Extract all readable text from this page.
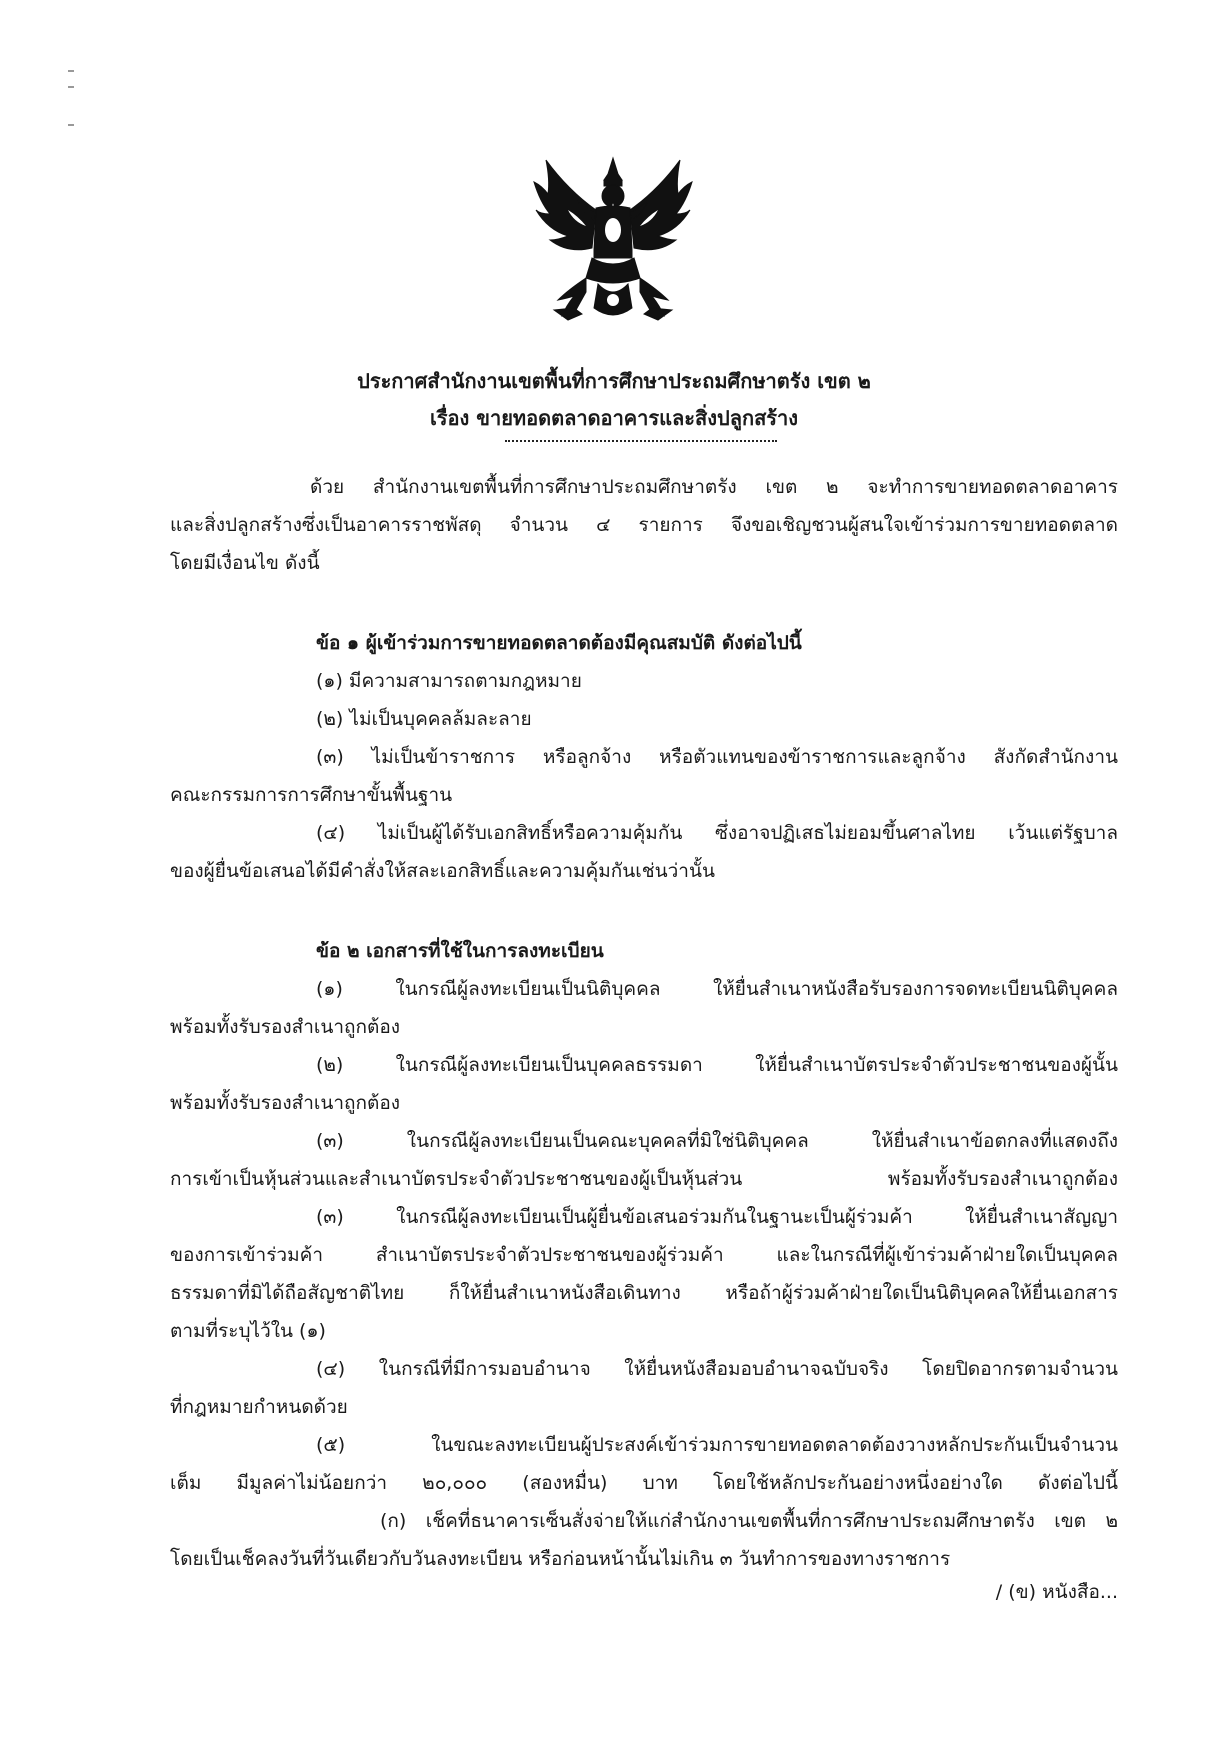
ประกาศสำนักงานเขตพื้นที่การศึกษาประถมศึกษาตรัง เขต ๒
เรื่อง ขายทอดตลาดอาคารและสิ่งปลูกสร้าง
ด้วย สำนักงานเขตพื้นที่การศึกษาประถมศึกษาตรัง เขต ๒ จะทำการขายทอดตลาดอาคาร
และสิ่งปลูกสร้างซึ่งเป็นอาคารราชพัสดุ จำนวน ๔ รายการ จึงขอเชิญชวนผู้สนใจเข้าร่วมการขายทอดตลาด
โดยมีเงื่อนไข ดังนี้
ข้อ ๑ ผู้เข้าร่วมการขายทอดตลาดต้องมีคุณสมบัติ ดังต่อไปนี้
(๑) มีความสามารถตามกฎหมาย
(๒) ไม่เป็นบุคคลล้มละลาย
(๓) ไม่เป็นข้าราชการ หรือลูกจ้าง หรือตัวแทนของข้าราชการและลูกจ้าง สังกัดสำนักงาน
คณะกรรมการการศึกษาขั้นพื้นฐาน
(๔) ไม่เป็นผู้ได้รับเอกสิทธิ์หรือความคุ้มกัน ซึ่งอาจปฏิเสธไม่ยอมขึ้นศาลไทย เว้นแต่รัฐบาล
ของผู้ยื่นข้อเสนอได้มีคำสั่งให้สละเอกสิทธิ์และความคุ้มกันเช่นว่านั้น
ข้อ ๒ เอกสารที่ใช้ในการลงทะเบียน
(๑) ในกรณีผู้ลงทะเบียนเป็นนิติบุคคล ให้ยื่นสำเนาหนังสือรับรองการจดทะเบียนนิติบุคคล
พร้อมทั้งรับรองสำเนาถูกต้อง
(๒) ในกรณีผู้ลงทะเบียนเป็นบุคคลธรรมดา ให้ยื่นสำเนาบัตรประจำตัวประชาชนของผู้นั้น
พร้อมทั้งรับรองสำเนาถูกต้อง
(๓) ในกรณีผู้ลงทะเบียนเป็นคณะบุคคลที่มิใช่นิติบุคคล ให้ยื่นสำเนาข้อตกลงที่แสดงถึง
การเข้าเป็นหุ้นส่วนและสำเนาบัตรประจำตัวประชาชนของผู้เป็นหุ้นส่วน พร้อมทั้งรับรองสำเนาถูกต้อง
(๓) ในกรณีผู้ลงทะเบียนเป็นผู้ยื่นข้อเสนอร่วมกันในฐานะเป็นผู้ร่วมค้า ให้ยื่นสำเนาสัญญา
ของการเข้าร่วมค้า สำเนาบัตรประจำตัวประชาชนของผู้ร่วมค้า และในกรณีที่ผู้เข้าร่วมค้าฝ่ายใดเป็นบุคคล
ธรรมดาที่มิได้ถือสัญชาติไทย ก็ให้ยื่นสำเนาหนังสือเดินทาง หรือถ้าผู้ร่วมค้าฝ่ายใดเป็นนิติบุคคลให้ยื่นเอกสาร
ตามที่ระบุไว้ใน (๑)
(๔) ในกรณีที่มีการมอบอำนาจ ให้ยื่นหนังสือมอบอำนาจฉบับจริง โดยปิดอากรตามจำนวน
ที่กฎหมายกำหนดด้วย
(๕) ในขณะลงทะเบียนผู้ประสงค์เข้าร่วมการขายทอดตลาดต้องวางหลักประกันเป็นจำนวน
เต็ม มีมูลค่าไม่น้อยกว่า ๒๐,๐๐๐ (สองหมื่น) บาท โดยใช้หลักประกันอย่างหนึ่งอย่างใด ดังต่อไปนี้
(ก) เช็คที่ธนาคารเซ็นสั่งจ่ายให้แก่สำนักงานเขตพื้นที่การศึกษาประถมศึกษาตรัง เขต ๒
โดยเป็นเช็คลงวันที่วันเดียวกับวันลงทะเบียน หรือก่อนหน้านั้นไม่เกิน ๓ วันทำการของทางราชการ
/ (ข) หนังสือ...
